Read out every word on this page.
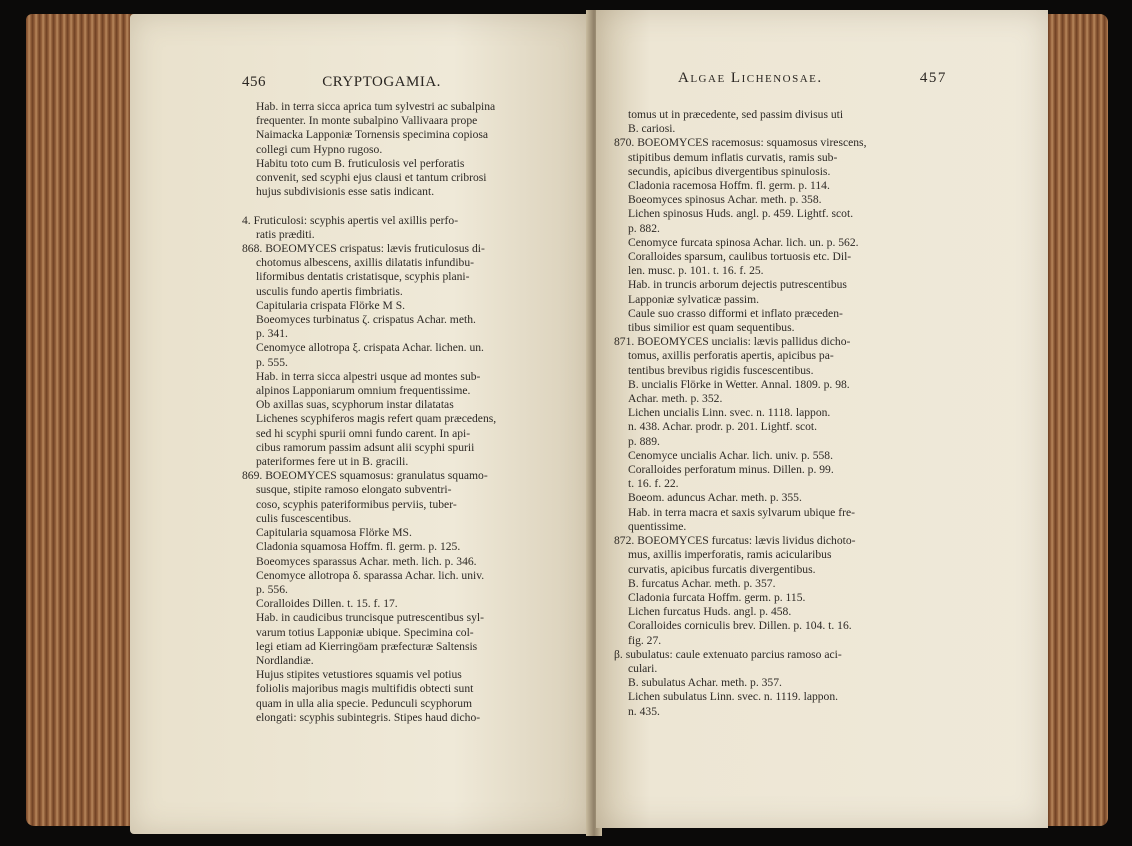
456	CRYPTOGAMIA.

Hab. in terra sicca aprica tum sylvestri ac subalpina

frequenter. In monte subalpino Vallivaara prope

Naimacka Lapponiæ Tornensis specimina copiosa

collegi cum Hypno rugoso.

Habitu toto cum B. fruticulosis vel perforatis

convenit, sed scyphi ejus clausi et tantum cribrosi

hujus subdivisionis esse satis indicant.

4. Fruticulosi: scyphis apertis vel axillis perfo-

ratis præditi.

868. BOEOMYCES crispatus: lævis fruticulosus di-

chotomus albescens, axillis dilatatis infundibu-

liformibus dentatis cristatisque, scyphis plani-

usculis fundo apertis fimbriatis.

Capitularia crispata Flörke M S.

Boeomyces turbinatus ζ. crispatus Achar. meth.

p. 341.

Cenomyce allotropa ξ. crispata Achar. lichen. un.

p. 555.

Hab. in terra sicca alpestri usque ad montes sub-

alpinos Lapponiarum omnium frequentissime.

Ob axillas suas, scyphorum instar dilatatas

Lichenes scyphiferos magis refert quam præcedens,

sed hi scyphi spurii omni fundo carent. In api-

cibus ramorum passim adsunt alii scyphi spurii

pateriformes fere ut in B. gracili.

869. BOEOMYCES squamosus: granulatus squamo-

susque, stipite ramoso elongato subventri-

coso, scyphis pateriformibus perviis, tuber-

culis fuscescentibus.

Capitularia squamosa Flörke MS.

Cladonia squamosa Hoffm. fl. germ. p. 125.

Boeomyces sparassus Achar. meth. lich. p. 346.

Cenomyce allotropa δ. sparassa Achar. lich. univ.

p. 556.

Coralloides Dillen. t. 15. f. 17.

Hab. in caudicibus truncisque putrescentibus syl-

varum totius Lapponiæ ubique. Specimina col-

legi etiam ad Kierringöam præfecturæ Saltensis

Nordlandiæ.

Hujus stipites vetustiores squamis vel potius

foliolis majoribus magis multifidis obtecti sunt

quam in ulla alia specie. Pedunculi scyphorum

elongati: scyphis subintegris. Stipes haud dicho-

Algae Lichenosae.	457

tomus ut in præcedente, sed passim divisus uti

B. cariosi.

870. BOEOMYCES racemosus: squamosus virescens,

stipitibus demum inflatis curvatis, ramis sub-

secundis, apicibus divergentibus spinulosis.

Cladonia racemosa Hoffm. fl. germ. p. 114.

Boeomyces spinosus Achar. meth. p. 358.

Lichen spinosus Huds. angl. p. 459. Lightf. scot.

p. 882.

Cenomyce furcata spinosa Achar. lich. un. p. 562.

Coralloides sparsum, caulibus tortuosis etc. Dil-

len. musc. p. 101. t. 16. f. 25.

Hab. in truncis arborum dejectis putrescentibus

Lapponiæ sylvaticæ passim.

Caule suo crasso difformi et inflato præceden-

tibus similior est quam sequentibus.

871. BOEOMYCES uncialis: lævis pallidus dicho-

tomus, axillis perforatis apertis, apicibus pa-

tentibus brevibus rigidis fuscescentibus.

B. uncialis Flörke in Wetter. Annal. 1809. p. 98.

Achar. meth. p. 352.

Lichen uncialis Linn. svec. n. 1118. lappon.

n. 438. Achar. prodr. p. 201. Lightf. scot.

p. 889.

Cenomyce uncialis Achar. lich. univ. p. 558.

Coralloides perforatum minus. Dillen. p. 99.

t. 16. f. 22.

Boeom. aduncus Achar. meth. p. 355.

Hab. in terra macra et saxis sylvarum ubique fre-

quentissime.

872. BOEOMYCES furcatus: lævis lividus dichoto-

mus, axillis imperforatis, ramis acicularibus

curvatis, apicibus furcatis divergentibus.

B. furcatus Achar. meth. p. 357.

Cladonia furcata Hoffm. germ. p. 115.

Lichen furcatus Huds. angl. p. 458.

Coralloides corniculis brev. Dillen. p. 104. t. 16.

fig. 27.

β. subulatus: caule extenuato parcius ramoso aci-

culari.

B. subulatus Achar. meth. p. 357.

Lichen subulatus Linn. svec. n. 1119. lappon.

n. 435.
